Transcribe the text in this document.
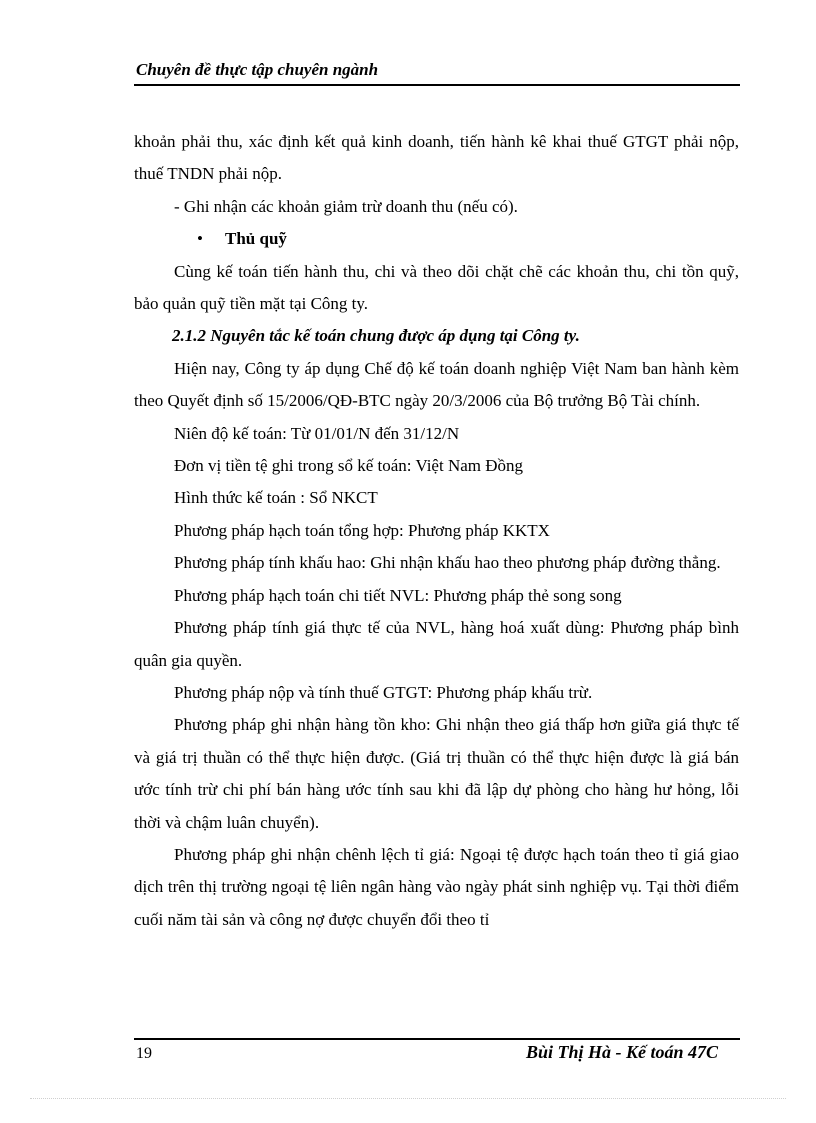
Chuyên đề thực tập chuyên ngành

khoản phải thu, xác định kết quả kinh doanh, tiến hành kê khai thuế GTGT phải nộp, thuế TNDN phải nộp.

- Ghi nhận các khoản giảm trừ doanh thu (nếu có).

• Thủ quỹ

Cùng kế toán tiến hành thu, chi và theo dõi chặt chẽ các khoản thu, chi tồn quỹ, bảo quản quỹ tiền mặt tại Công ty.

2.1.2 Nguyên tắc kế toán chung được áp dụng tại Công ty.

Hiện nay, Công ty áp dụng Chế độ kế toán doanh nghiệp Việt Nam ban hành kèm theo Quyết định số 15/2006/QĐ-BTC ngày 20/3/2006 của Bộ trưởng Bộ Tài chính.

Niên độ kế toán: Từ 01/01/N đến 31/12/N

Đơn vị tiền tệ ghi trong sổ kế toán: Việt Nam Đồng

Hình thức kế toán : Sổ NKCT

Phương pháp hạch toán tổng hợp: Phương pháp KKTX

Phương pháp tính khấu hao: Ghi nhận khấu hao theo phương pháp đường thẳng.

Phương pháp hạch toán chi tiết NVL: Phương pháp thẻ song song

Phương pháp tính giá thực tế của NVL, hàng hoá xuất dùng: Phương pháp bình quân gia quyền.

Phương pháp nộp và tính thuế GTGT: Phương pháp khấu trừ.

Phương pháp ghi nhận hàng tồn kho: Ghi nhận theo giá thấp hơn giữa giá thực tế và giá trị thuần có thể thực hiện được. (Giá trị thuần có thể thực hiện được là giá bán ước tính trừ chi phí bán hàng ước tính sau khi đã lập dự phòng cho hàng hư hỏng, lỗi thời và chậm luân chuyển).

Phương pháp ghi nhận chênh lệch tỉ giá: Ngoại tệ được hạch toán theo tỉ giá giao dịch trên thị trường ngoại tệ liên ngân hàng vào ngày phát sinh nghiệp vụ. Tại thời điểm cuối năm tài sản và công nợ được chuyển đổi theo tỉ

19	Bùi Thị Hà - Kế toán 47C
